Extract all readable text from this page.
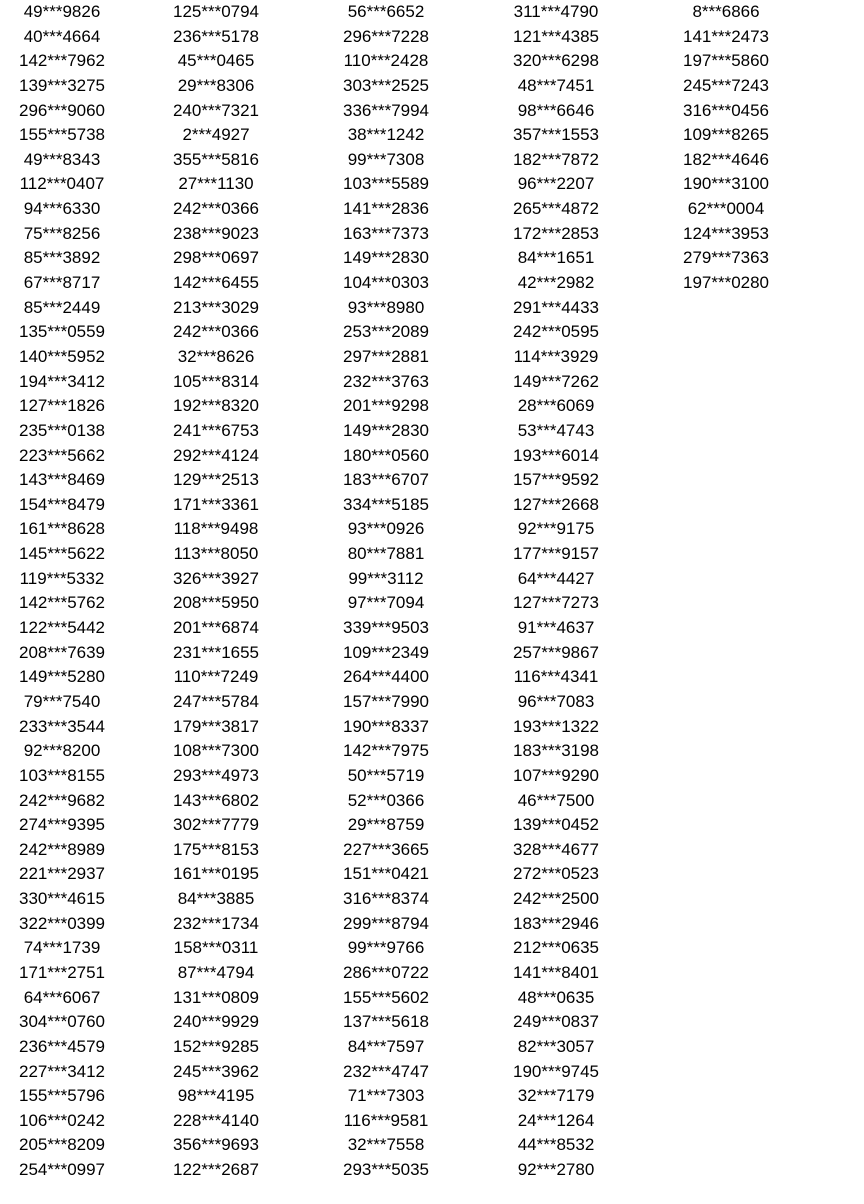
49***9826
40***4664
142***7962
139***3275
296***9060
155***5738
49***8343
112***0407
94***6330
75***8256
85***3892
67***8717
85***2449
135***0559
140***5952
194***3412
127***1826
235***0138
223***5662
143***8469
154***8479
161***8628
145***5622
119***5332
142***5762
122***5442
208***7639
149***5280
79***7540
233***3544
92***8200
103***8155
242***9682
274***9395
242***8989
221***2937
330***4615
322***0399
74***1739
171***2751
64***6067
304***0760
236***4579
227***3412
155***5796
106***0242
205***8209
254***0997
125***0794
236***5178
45***0465
29***8306
240***7321
2***4927
355***5816
27***1130
242***0366
238***9023
298***0697
142***6455
213***3029
242***0366
32***8626
105***8314
192***8320
241***6753
292***4124
129***2513
171***3361
118***9498
113***8050
326***3927
208***5950
201***6874
231***1655
110***7249
247***5784
179***3817
108***7300
293***4973
143***6802
302***7779
175***8153
161***0195
84***3885
232***1734
158***0311
87***4794
131***0809
240***9929
152***9285
245***3962
98***4195
228***4140
356***9693
122***2687
56***6652
296***7228
110***2428
303***2525
336***7994
38***1242
99***7308
103***5589
141***2836
163***7373
149***2830
104***0303
93***8980
253***2089
297***2881
232***3763
201***9298
149***2830
180***0560
183***6707
334***5185
93***0926
80***7881
99***3112
97***7094
339***9503
109***2349
264***4400
157***7990
190***8337
142***7975
50***5719
52***0366
29***8759
227***3665
151***0421
316***8374
299***8794
99***9766
286***0722
155***5602
137***5618
84***7597
232***4747
71***7303
116***9581
32***7558
293***5035
311***4790
121***4385
320***6298
48***7451
98***6646
357***1553
182***7872
96***2207
265***4872
172***2853
84***1651
42***2982
291***4433
242***0595
114***3929
149***7262
28***6069
53***4743
193***6014
157***9592
127***2668
92***9175
177***9157
64***4427
127***7273
91***4637
257***9867
116***4341
96***7083
193***1322
183***3198
107***9290
46***7500
139***0452
328***4677
272***0523
242***2500
183***2946
212***0635
141***8401
48***0635
249***0837
82***3057
190***9745
32***7179
24***1264
44***8532
92***2780
8***6866
141***2473
197***5860
245***7243
316***0456
109***8265
182***4646
190***3100
62***0004
124***3953
279***7363
197***0280
